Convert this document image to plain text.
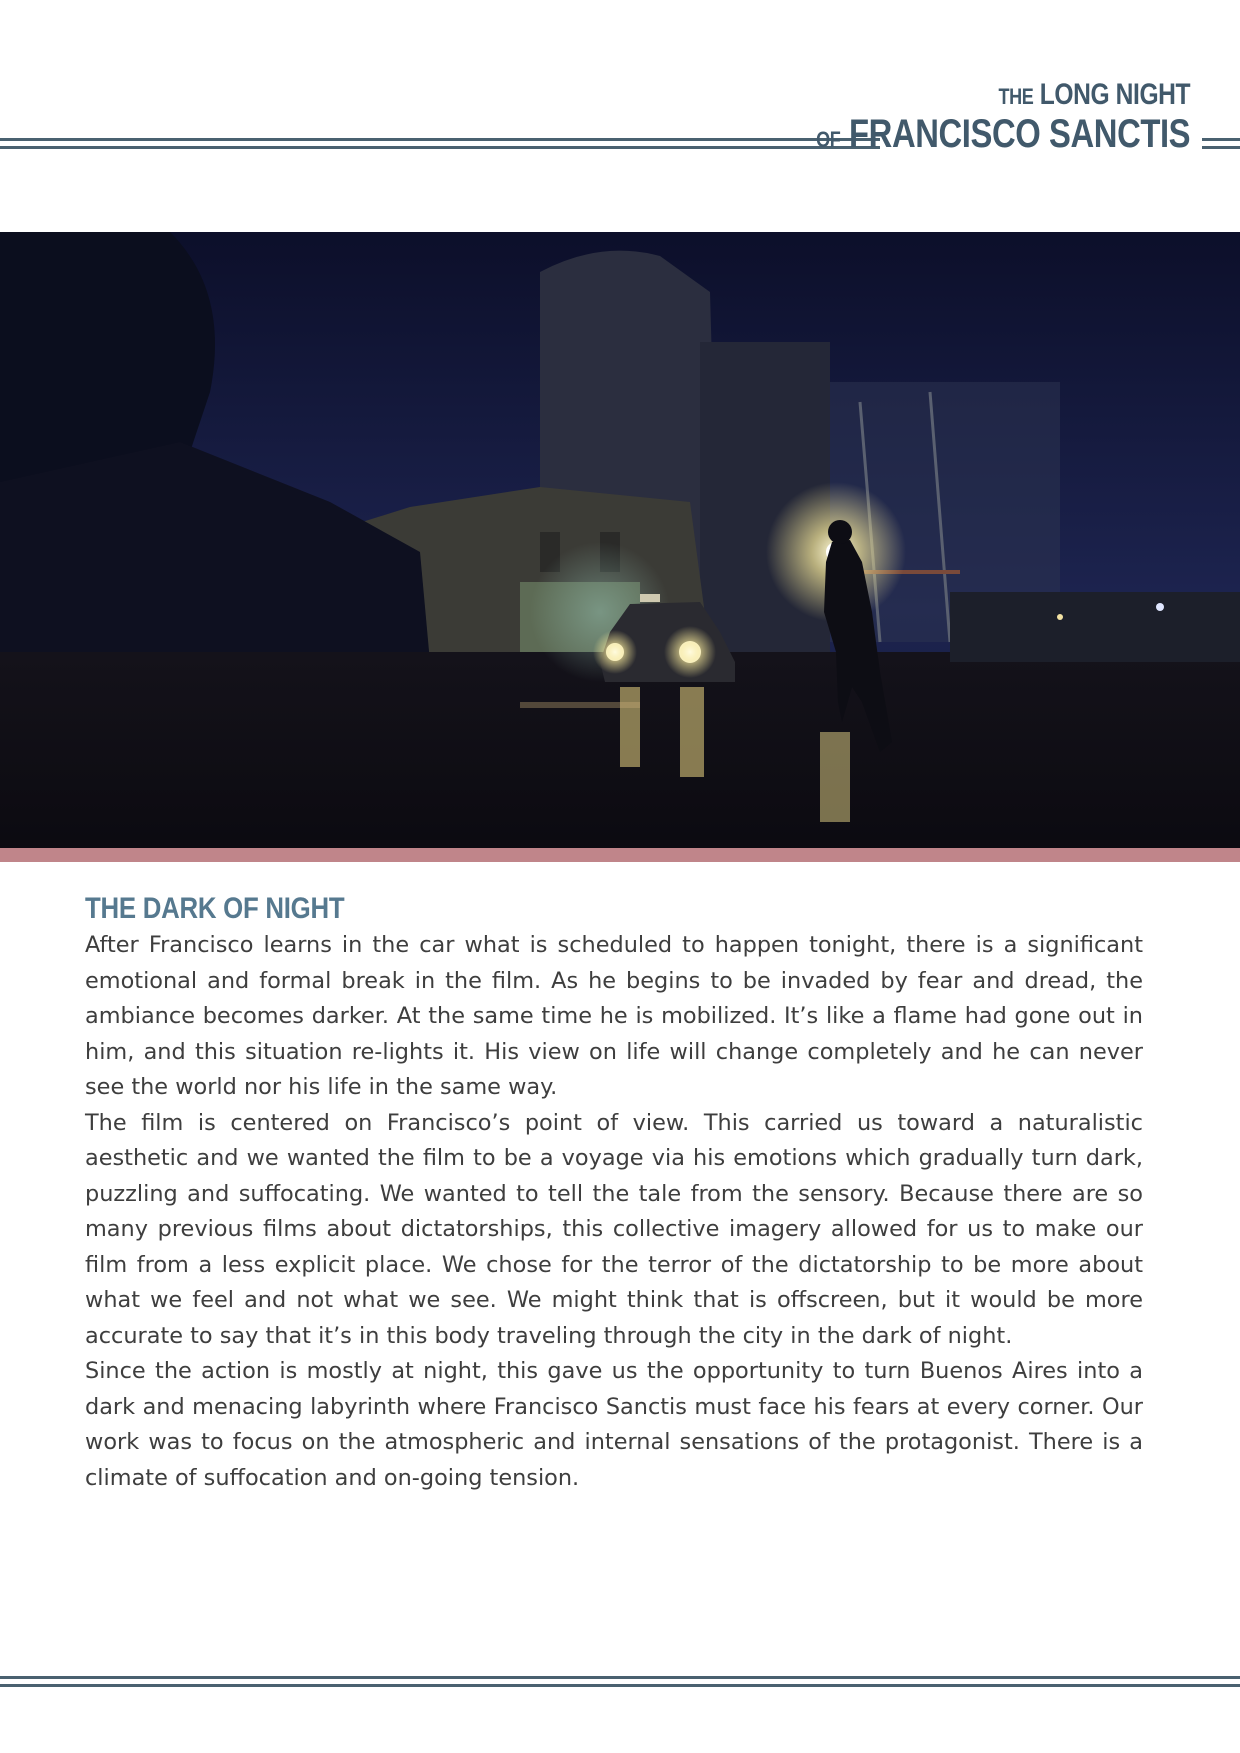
THE LONG NIGHT
OF FRANCISCO SANCTIS
THE DARK OF NIGHT

After Francisco learns in the car what is scheduled to happen tonight, there is a significant emotional and formal break in the film. As he begins to be invaded by fear and dread, the ambiance becomes darker. At the same time he is mobilized. It’s like a flame had gone out in him, and this situation re-lights it. His view on life will change completely and he can never see the world nor his life in the same way.

The film is centered on Francisco’s point of view. This carried us toward a naturalistic aesthetic and we wanted the film to be a voyage via his emotions which gradually turn dark, puzzling and suffocating. We wanted to tell the tale from the sensory. Because there are so many previous films about dictatorships, this collective imagery allowed for us to make our film from a less explicit place. We chose for the terror of the dictatorship to be more about what we feel and not what we see. We might think that is offscreen, but it would be more accurate to say that it’s in this body traveling through the city in the dark of night.

Since the action is mostly at night, this gave us the opportunity to turn Buenos Aires into a dark and menacing labyrinth where Francisco Sanctis must face his fears at every corner. Our work was to focus on the atmospheric and internal sensations of the protagonist. There is a climate of suffocation and on-going tension.
